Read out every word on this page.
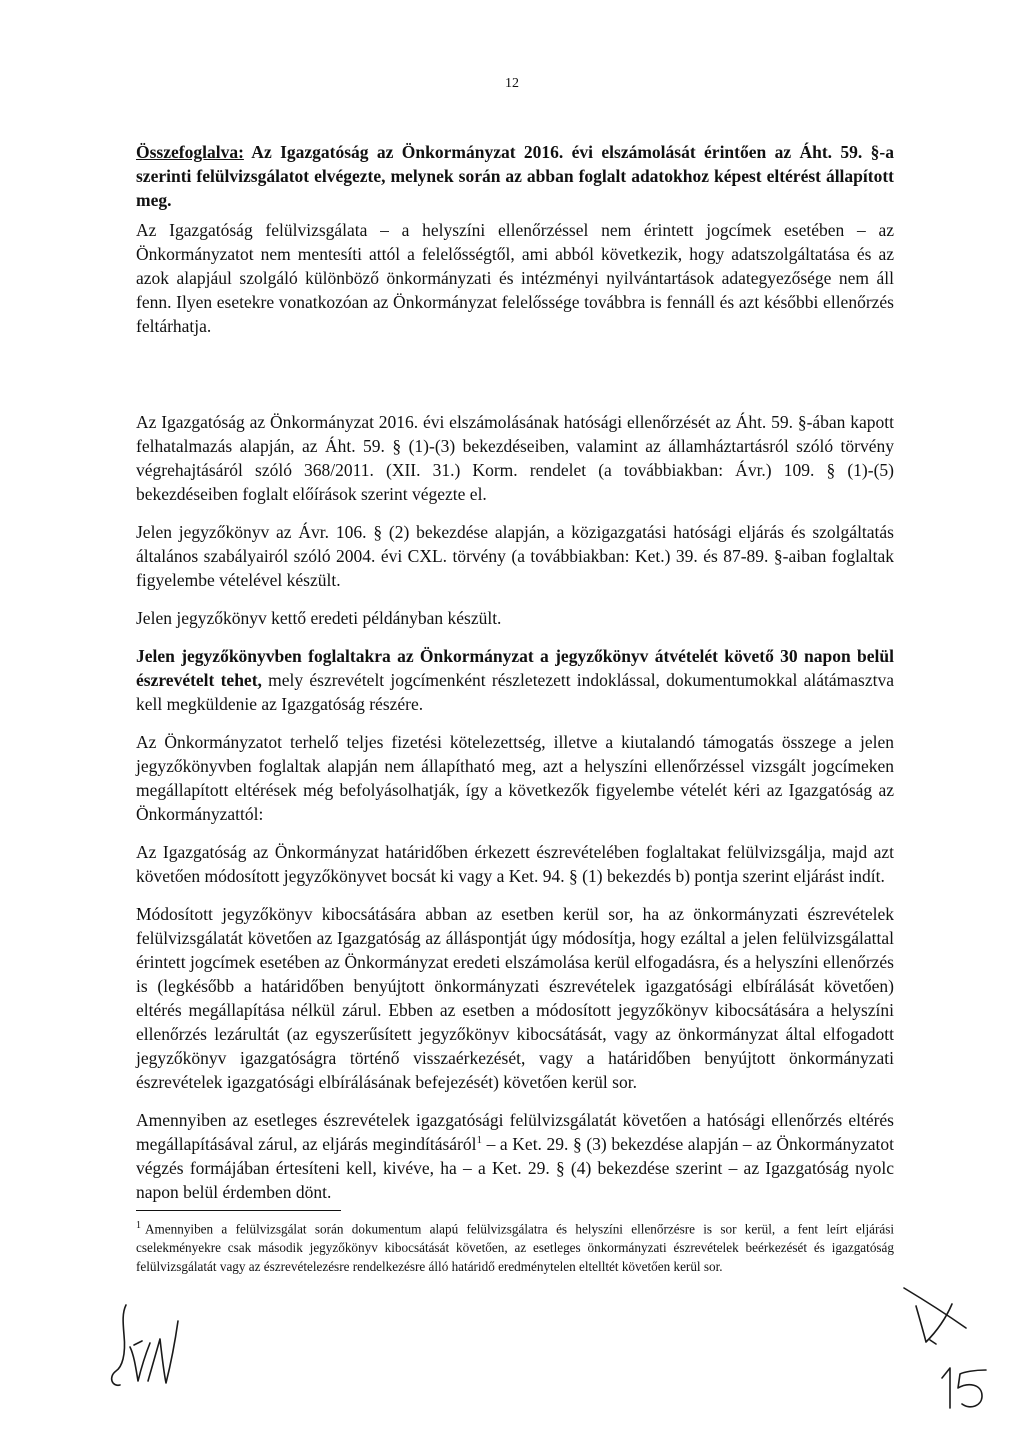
12

Összefoglalva: Az Igazgatóság az Önkormányzat 2016. évi elszámolását érintően az Áht. 59. §-a szerinti felülvizsgálatot elvégezte, melynek során az abban foglalt adatokhoz képest eltérést állapított meg.

Az Igazgatóság felülvizsgálata – a helyszíni ellenőrzéssel nem érintett jogcímek esetében – az Önkormányzatot nem mentesíti attól a felelősségtől, ami abból következik, hogy adatszolgáltatása és az azok alapjául szolgáló különböző önkormányzati és intézményi nyilvántartások adategyezősége nem áll fenn. Ilyen esetekre vonatkozóan az Önkormányzat felelőssége továbbra is fennáll és azt későbbi ellenőrzés feltárhatja.

Az Igazgatóság az Önkormányzat 2016. évi elszámolásának hatósági ellenőrzését az Áht. 59. §-ában kapott felhatalmazás alapján, az Áht. 59. § (1)-(3) bekezdéseiben, valamint az államháztartásról szóló törvény végrehajtásáról szóló 368/2011. (XII. 31.) Korm. rendelet (a továbbiakban: Ávr.) 109. § (1)-(5) bekezdéseiben foglalt előírások szerint végezte el.

Jelen jegyzőkönyv az Ávr. 106. § (2) bekezdése alapján, a közigazgatási hatósági eljárás és szolgáltatás általános szabályairól szóló 2004. évi CXL. törvény (a továbbiakban: Ket.) 39. és 87-89. §-aiban foglaltak figyelembe vételével készült.

Jelen jegyzőkönyv kettő eredeti példányban készült.

Jelen jegyzőkönyvben foglaltakra az Önkormányzat a jegyzőkönyv átvételét követő 30 napon belül észrevételt tehet, mely észrevételt jogcímenként részletezett indoklással, dokumentumokkal alátámasztva kell megküldenie az Igazgatóság részére.

Az Önkormányzatot terhelő teljes fizetési kötelezettség, illetve a kiutalandó támogatás összege a jelen jegyzőkönyvben foglaltak alapján nem állapítható meg, azt a helyszíni ellenőrzéssel vizsgált jogcímeken megállapított eltérések még befolyásolhatják, így a következők figyelembe vételét kéri az Igazgatóság az Önkormányzattól:

Az Igazgatóság az Önkormányzat határidőben érkezett észrevételében foglaltakat felülvizsgálja, majd azt követően módosított jegyzőkönyvet bocsát ki vagy a Ket. 94. § (1) bekezdés b) pontja szerint eljárást indít.

Módosított jegyzőkönyv kibocsátására abban az esetben kerül sor, ha az önkormányzati észrevételek felülvizsgálatát követően az Igazgatóság az álláspontját úgy módosítja, hogy ezáltal a jelen felülvizsgálattal érintett jogcímek esetében az Önkormányzat eredeti elszámolása kerül elfogadásra, és a helyszíni ellenőrzés is (legkésőbb a határidőben benyújtott önkormányzati észrevételek igazgatósági elbírálását követően) eltérés megállapítása nélkül zárul. Ebben az esetben a módosított jegyzőkönyv kibocsátására a helyszíni ellenőrzés lezárultát (az egyszerűsített jegyzőkönyv kibocsátását, vagy az önkormányzat által elfogadott jegyzőkönyv igazgatóságra történő visszaérkezését, vagy a határidőben benyújtott önkormányzati észrevételek igazgatósági elbírálásának befejezését) követően kerül sor.

Amennyiben az esetleges észrevételek igazgatósági felülvizsgálatát követően a hatósági ellenőrzés eltérés megállapításával zárul, az eljárás megindításáról$^1$ – a Ket. 29. § (3) bekezdése alapján – az Önkormányzatot végzés formájában értesíteni kell, kivéve, ha – a Ket. 29. § (4) bekezdése szerint – az Igazgatóság nyolc napon belül érdemben dönt.

$^1$ Amennyiben a felülvizsgálat során dokumentum alapú felülvizsgálatra és helyszíni ellenőrzésre is sor kerül, a fent leírt eljárási cselekményekre csak második jegyzőkönyv kibocsátását követően, az esetleges önkormányzati észrevételek beérkezését és igazgatóság felülvizsgálatát vagy az észrevételezésre rendelkezésre álló határidő eredménytelen eltelltét követően kerül sor.
